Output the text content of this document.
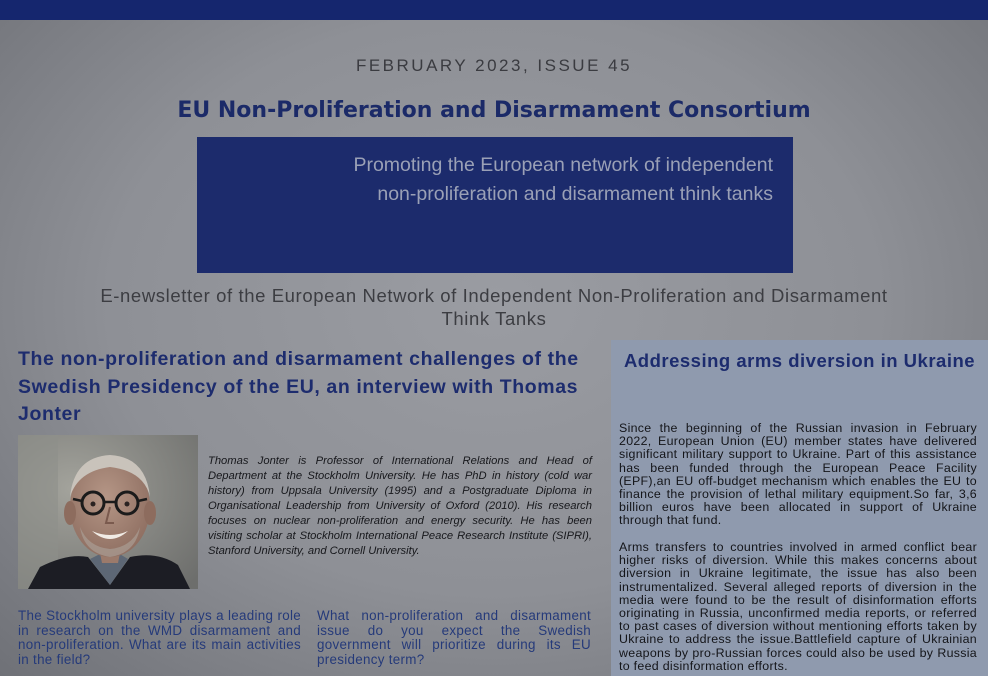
FEBRUARY 2023, ISSUE 45
EU Non-Proliferation and Disarmament Consortium
Promoting the European network of independent
non-proliferation and disarmament think tanks
E-newsletter of the European Network of Independent Non-Proliferation and Disarmament Think Tanks
The non-proliferation and disarmament challenges of the Swedish Presidency of the EU, an interview with Thomas Jonter
Thomas Jonter is Professor of International Relations and Head of Department at the Stockholm University. He has PhD in history (cold war history) from Uppsala University (1995) and a Postgraduate Diploma in Organisational Leadership from University of Oxford (2010). His research focuses on nuclear non-proliferation and energy security. He has been visiting scholar at Stockholm International Peace Research Institute (SIPRI), Stanford University, and Cornell University.
The Stockholm university plays a leading role in research on the WMD disarmament and non-proliferation. What are its main activities in the field?
What non-proliferation and disarmament issue do you expect the Swedish government will prioritize during its EU presidency term?
Addressing arms diversion in Ukraine
Since the beginning of the Russian invasion in February 2022, European Union (EU) member states have delivered significant military support to Ukraine. Part of this assistance has been funded through the European Peace Facility (EPF),an EU off-budget mechanism which enables the EU to finance the provision of lethal military equipment.So far, 3,6 billion euros have been allocated in support of Ukraine through that fund.
Arms transfers to countries involved in armed conflict bear higher risks of diversion. While this makes concerns about diversion in Ukraine legitimate, the issue has also been instrumentalized. Several alleged reports of diversion in the media were found to be the result of disinformation efforts originating in Russia, unconfirmed media reports, or referred to past cases of diversion without mentioning efforts taken by Ukraine to address the issue.Battlefield capture of Ukrainian weapons by pro-Russian forces could also be used by Russia to feed disinformation efforts.
